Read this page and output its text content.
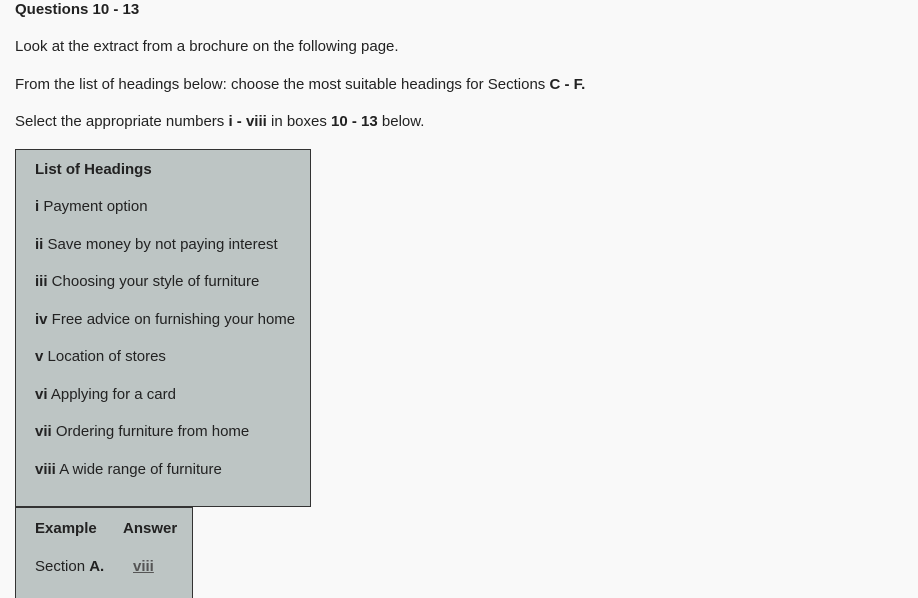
Questions 10 - 13

Look at the extract from a brochure on the following page.

From the list of headings below: choose the most suitable headings for Sections C - F.

Select the appropriate numbers i - viii in boxes 10 - 13 below.

List of Headings
i Payment option
ii Save money by not paying interest
iii Choosing your style of furniture
iv Free advice on furnishing your home
v Location of stores
vi Applying for a card
vii Ordering furniture from home
viii A wide range of furniture
Example Answer
Section A. viii
